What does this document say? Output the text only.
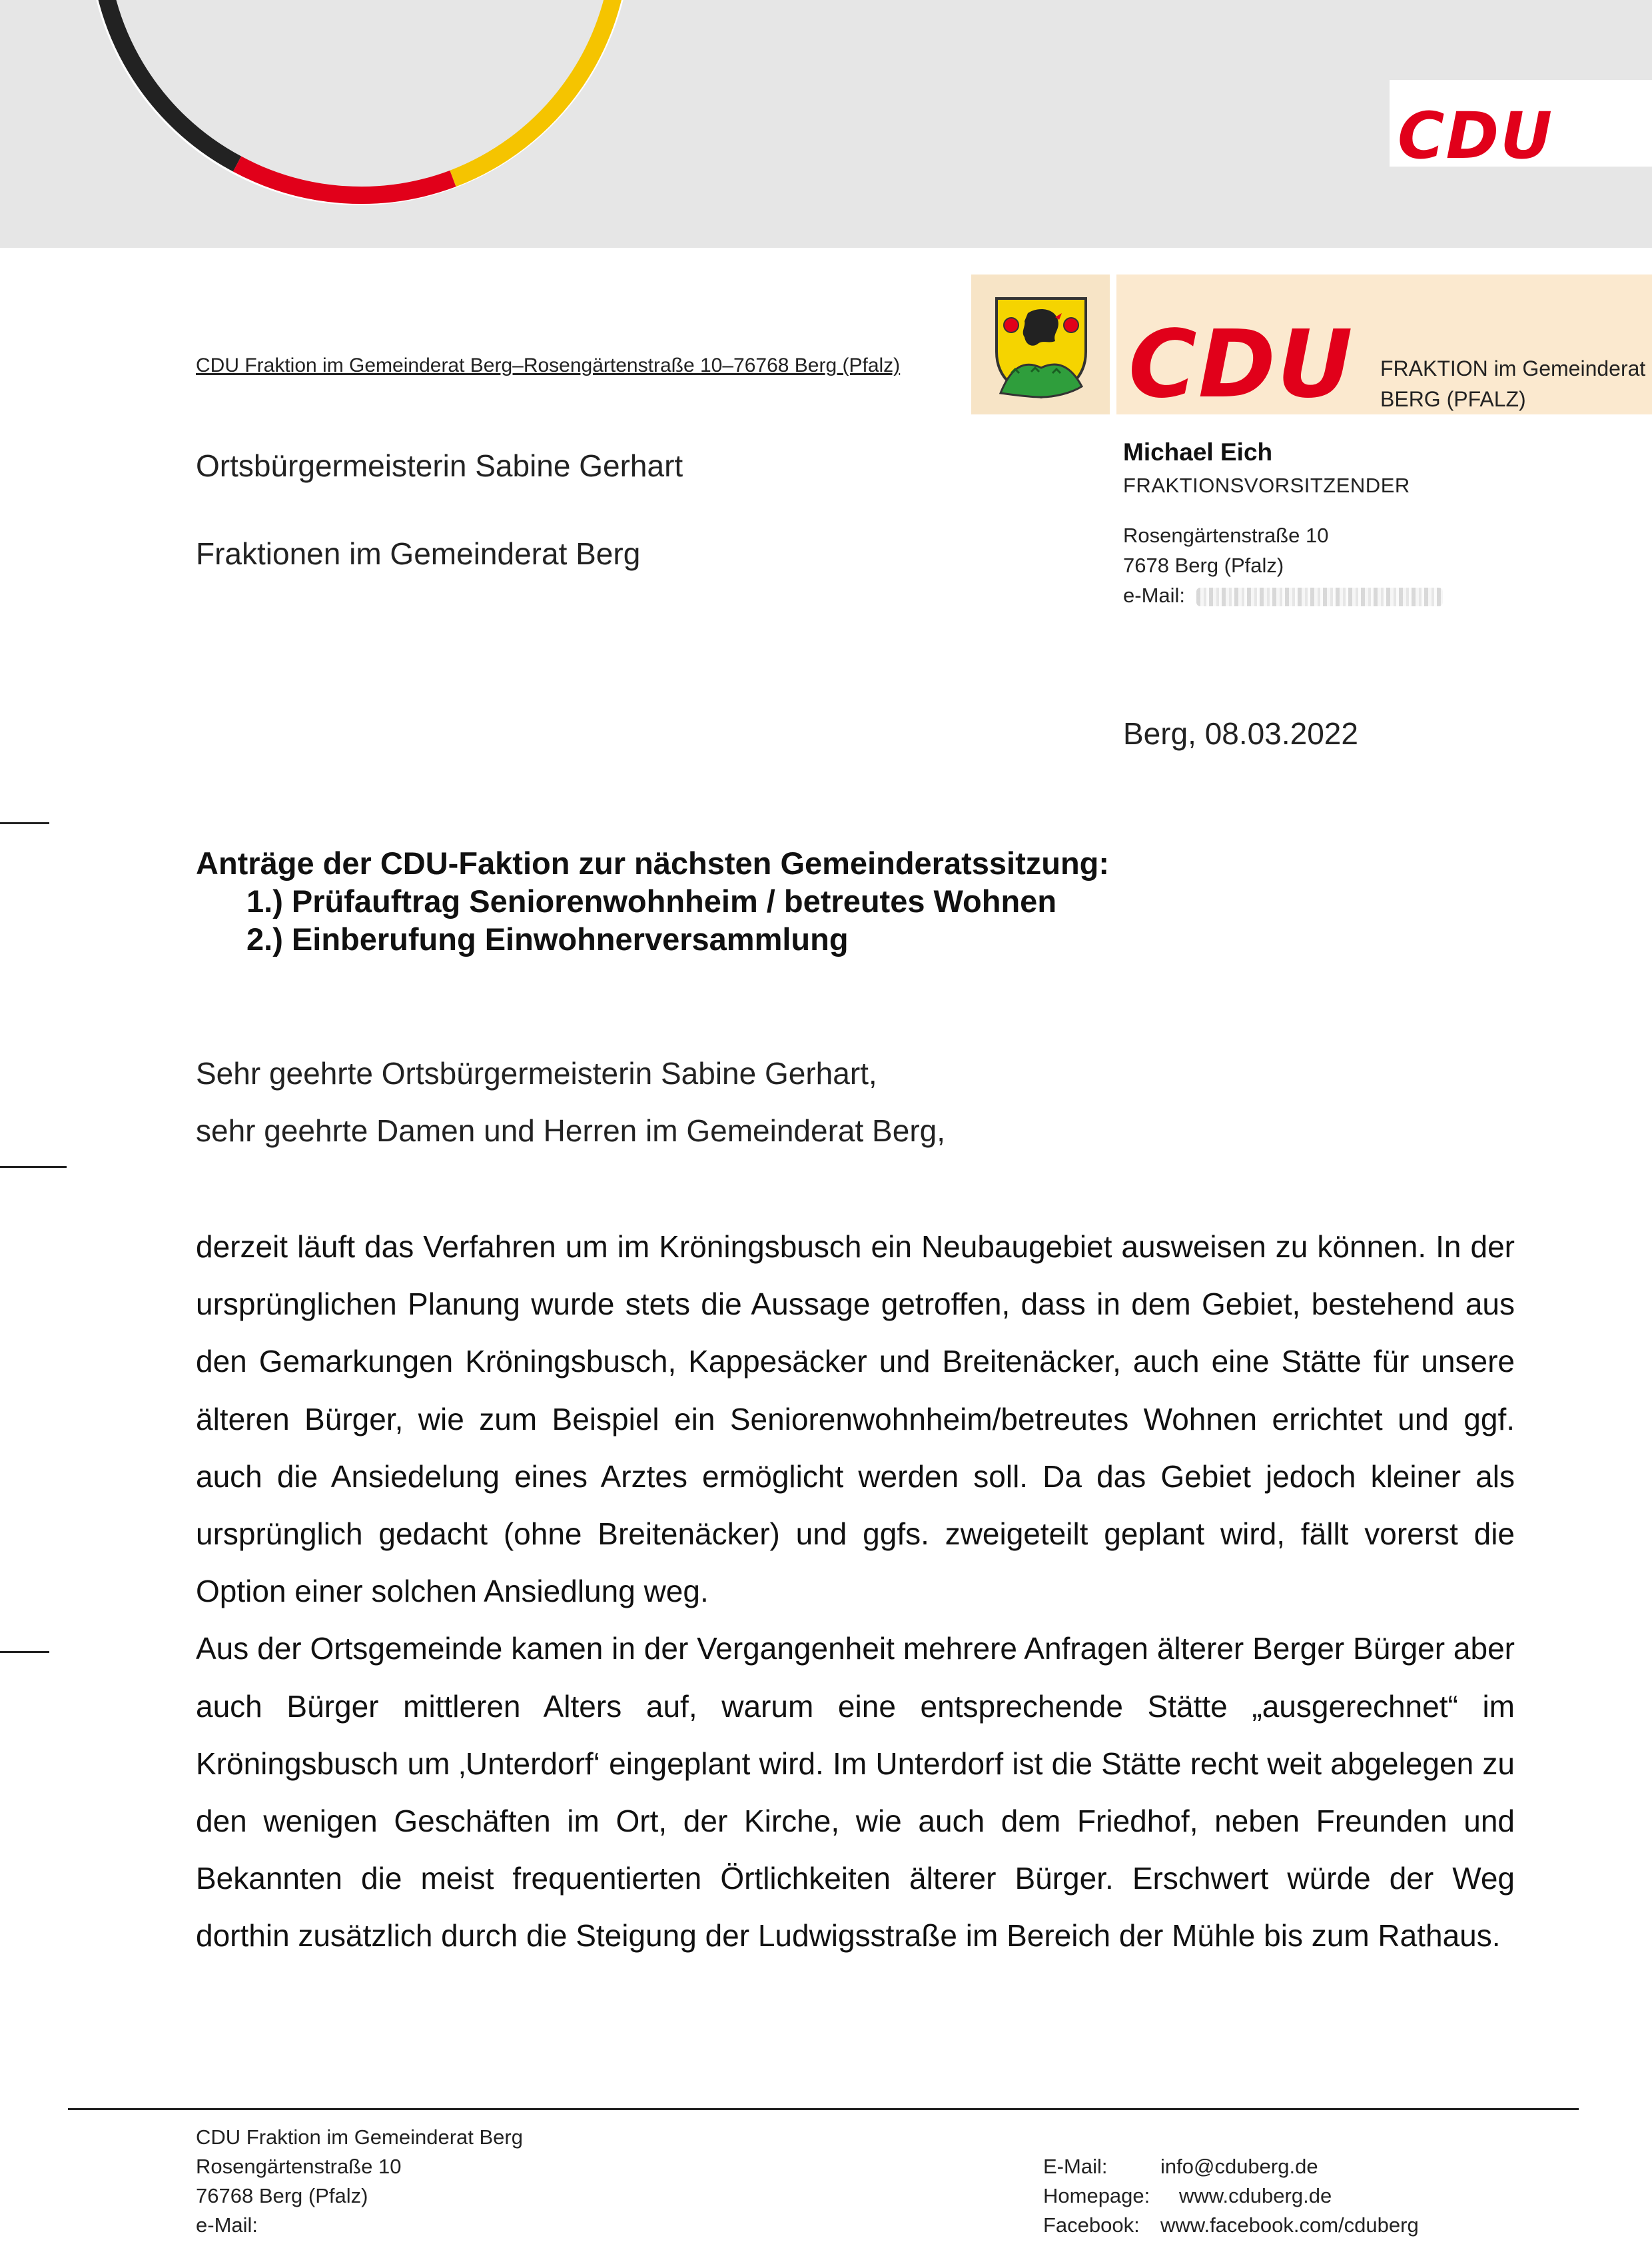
CDU
CDU FRAKTION im Gemeinderat
BERG (PFALZ)
CDU Fraktion im Gemeinderat Berg–Rosengärtenstraße 10–76768 Berg (Pfalz)
Ortsbürgermeisterin Sabine Gerhart
Fraktionen im Gemeinderat Berg
Michael Eich
FRAKTIONSVORSITZENDER
Rosengärtenstraße 10
7678 Berg (Pfalz)
e-Mail:
Berg, 08.03.2022
Anträge der CDU-Faktion zur nächsten Gemeinderatssitzung:
1.) Prüfauftrag Seniorenwohnheim / betreutes Wohnen
2.) Einberufung Einwohnerversammlung
Sehr geehrte Ortsbürgermeisterin Sabine Gerhart,
sehr geehrte Damen und Herren im Gemeinderat Berg,

derzeit läuft das Verfahren um im Kröningsbusch ein Neubaugebiet ausweisen zu können. In der ursprünglichen Planung wurde stets die Aussage getroffen, dass in dem Gebiet, bestehend aus den Gemarkungen Kröningsbusch, Kappesäcker und Breitenäcker, auch eine Stätte für unsere älteren Bürger, wie zum Beispiel ein Seniorenwohnheim/betreutes Wohnen errichtet und ggf. auch die Ansiedelung eines Arztes ermöglicht werden soll. Da das Gebiet jedoch kleiner als ursprünglich gedacht (ohne Breitenäcker) und ggfs. zweigeteilt geplant wird, fällt vorerst die Option einer solchen Ansiedlung weg.

Aus der Ortsgemeinde kamen in der Vergangenheit mehrere Anfragen älterer Berger Bürger aber auch Bürger mittleren Alters auf, warum eine entsprechende Stätte „ausgerechnet“ im Kröningsbusch um ‚Unterdorf‘ eingeplant wird. Im Unterdorf ist die Stätte recht weit abgelegen zu den wenigen Geschäften im Ort, der Kirche, wie auch dem Friedhof, neben Freunden und Bekannten die meist frequentierten Örtlichkeiten älterer Bürger. Erschwert würde der Weg dorthin zusätzlich durch die Steigung der Ludwigsstraße im Bereich der Mühle bis zum Rathaus.

CDU Fraktion im Gemeinderat Berg
Rosengärtenstraße 10
76768 Berg (Pfalz)
e-Mail:
E-Mail:	info@cduberg.de
Homepage: www.cduberg.de
Facebook: www.facebook.com/cduberg
